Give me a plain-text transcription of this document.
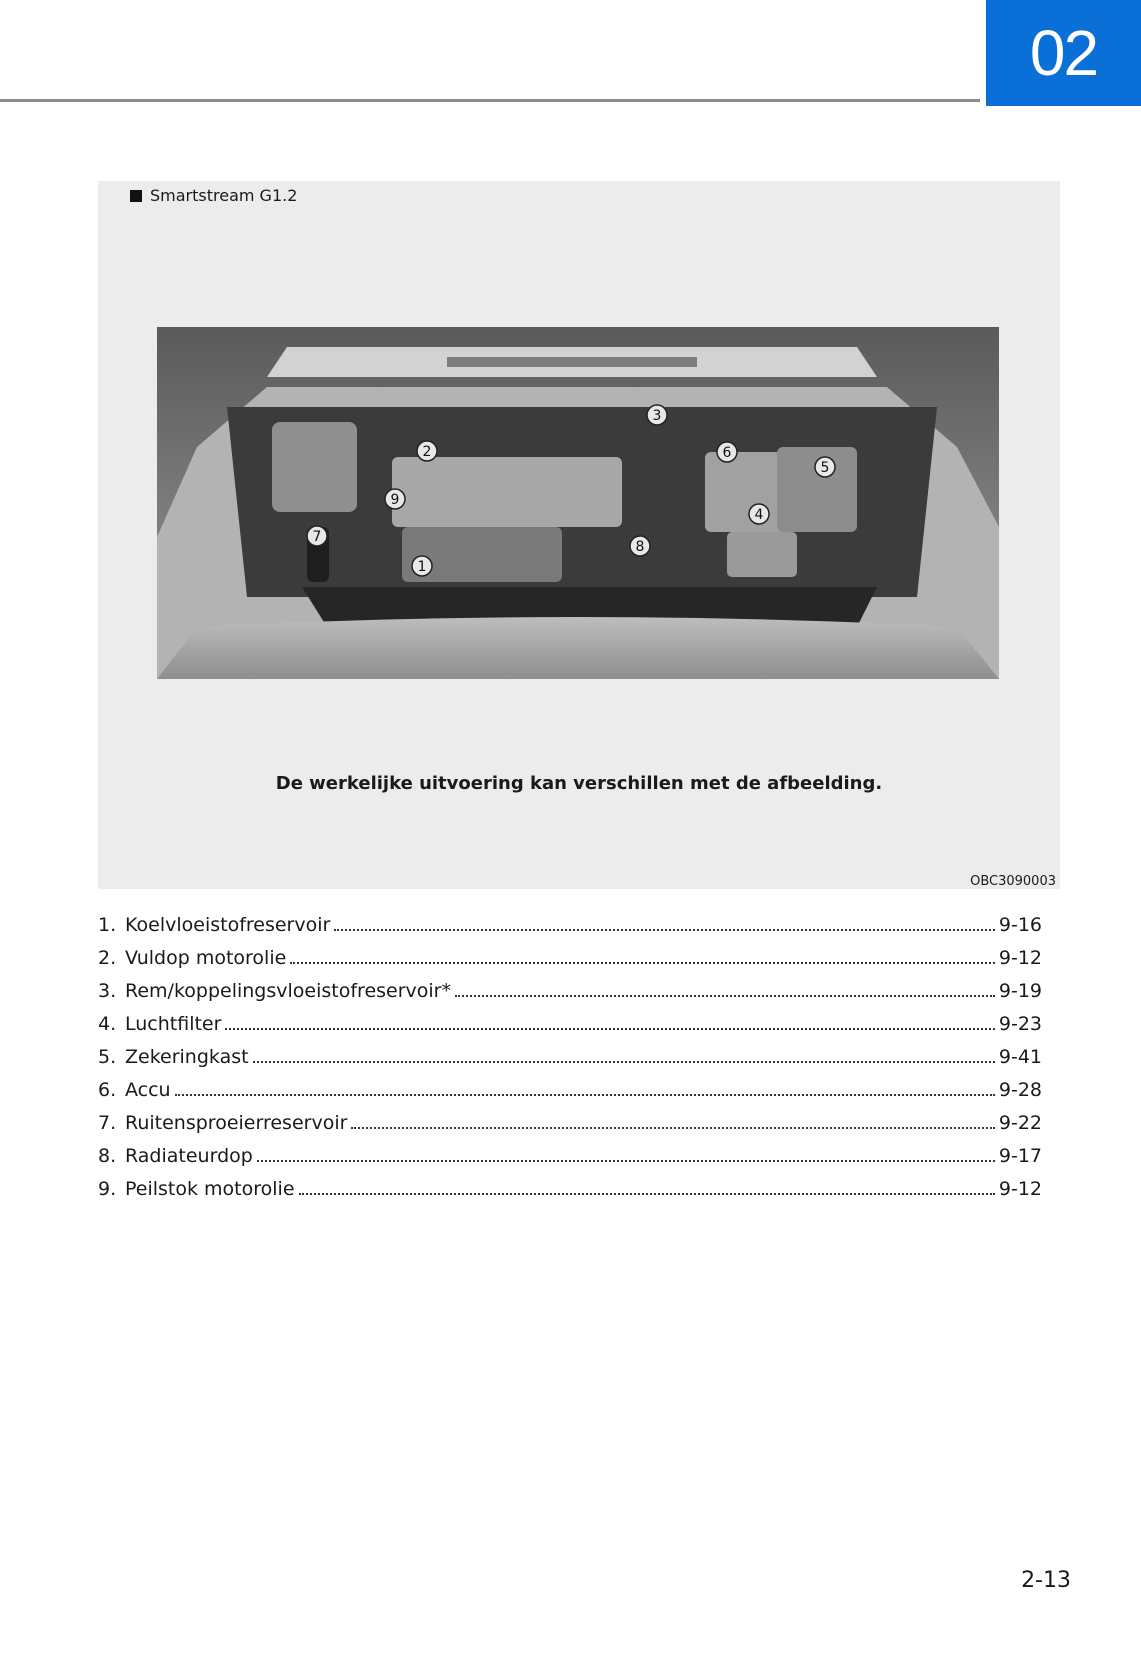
02
Smartstream G1.2
1
2
3
4
5
6
7
8
9
De werkelijke uitvoering kan verschillen met de afbeelding.
OBC3090003
1. Koelvloeistofreservoir	9-16
2. Vuldop motorolie	9-12
3. Rem/koppelingsvloeistofreservoir*	9-19
4. Luchtfilter	9-23
5. Zekeringkast	9-41
6. Accu	9-28
7. Ruitensproeierreservoir	9-22
8. Radiateurdop	9-17
9. Peilstok motorolie	9-12
2-13
